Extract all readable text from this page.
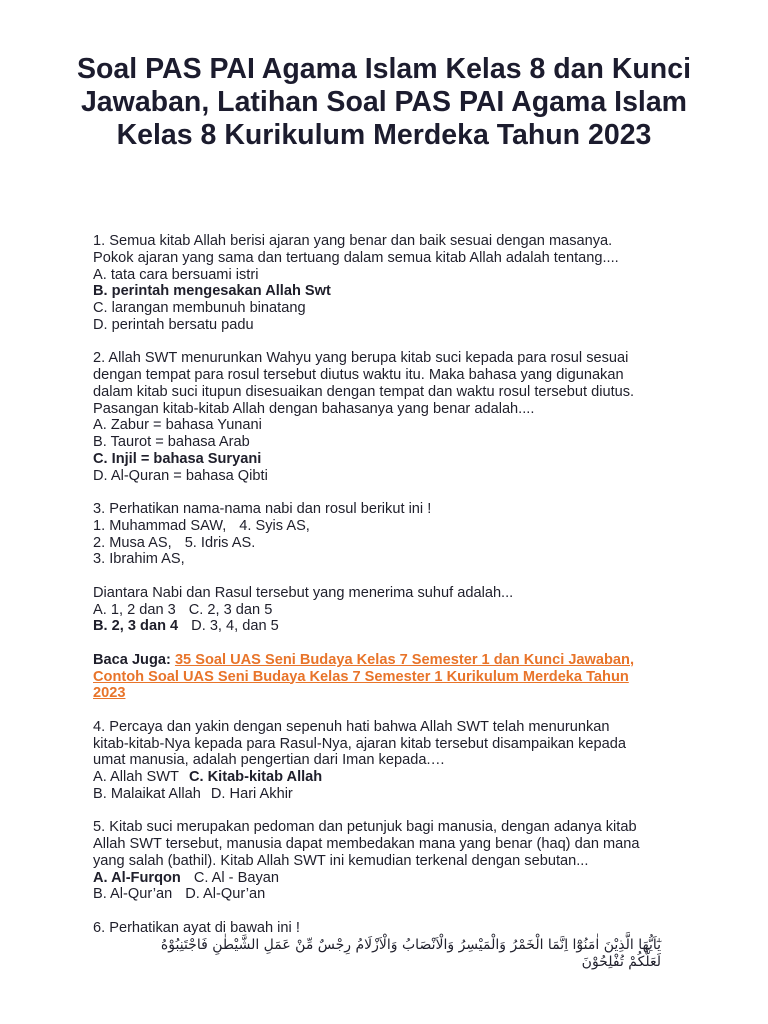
Soal PAS PAI Agama Islam Kelas 8 dan Kunci Jawaban, Latihan Soal PAS PAI Agama Islam Kelas 8 Kurikulum Merdeka Tahun 2023
1. Semua kitab Allah berisi ajaran yang benar dan baik sesuai dengan masanya.
Pokok ajaran yang sama dan tertuang dalam semua kitab Allah adalah tentang....
A. tata cara bersuami istri
B. perintah mengesakan Allah Swt
C. larangan membunuh binatang
D. perintah bersatu padu
2. Allah SWT menurunkan Wahyu yang berupa kitab suci kepada para rosul sesuai
dengan tempat para rosul tersebut diutus waktu itu. Maka bahasa yang digunakan
dalam kitab suci itupun disesuaikan dengan tempat dan waktu rosul tersebut diutus.
Pasangan kitab-kitab Allah dengan bahasanya yang benar adalah....
A. Zabur = bahasa Yunani
B. Taurot = bahasa Arab
C. Injil = bahasa Suryani
D. Al-Quran = bahasa Qibti
3. Perhatikan nama-nama nabi dan rosul berikut ini !
1. Muhammad SAW, 4. Syis AS,
2. Musa AS, 5. Idris AS.
3. Ibrahim AS,

Diantara Nabi dan Rasul tersebut yang menerima suhuf adalah...
A. 1, 2 dan 3 C. 2, 3 dan 5
B. 2, 3 dan 4 D. 3, 4, dan 5
Baca Juga: 35 Soal UAS Seni Budaya Kelas 7 Semester 1 dan Kunci Jawaban,
Contoh Soal UAS Seni Budaya Kelas 7 Semester 1 Kurikulum Merdeka Tahun
2023
4. Percaya dan yakin dengan sepenuh hati bahwa Allah SWT telah menurunkan
kitab-kitab-Nya kepada para Rasul-Nya, ajaran kitab tersebut disampaikan kepada
umat manusia, adalah pengertian dari Iman kepada.…
A. Allah SWT C. Kitab-kitab Allah
B. Malaikat Allah D. Hari Akhir
5. Kitab suci merupakan pedoman dan petunjuk bagi manusia, dengan adanya kitab
Allah SWT tersebut, manusia dapat membedakan mana yang benar (haq) dan mana
yang salah (bathil). Kitab Allah SWT ini kemudian terkenal dengan sebutan...
A. Al-Furqon C. Al - Bayan
B. Al-Qur’an D. Al-Qur’an
6. Perhatikan ayat di bawah ini !
يٰٓاَيُّهَا الَّذِيْنَ اٰمَنُوْٓا اِنَّمَا الْخَمْرُ وَالْمَيْسِرُ وَالْاَنْصَابُ وَالْاَزْلَامُ رِجْسٌ مِّنْ عَمَلِ الشَّيْطٰنِ فَاجْتَنِبُوْهُ
لَعَلَّكُمْ تُفْلِحُوْنَ
